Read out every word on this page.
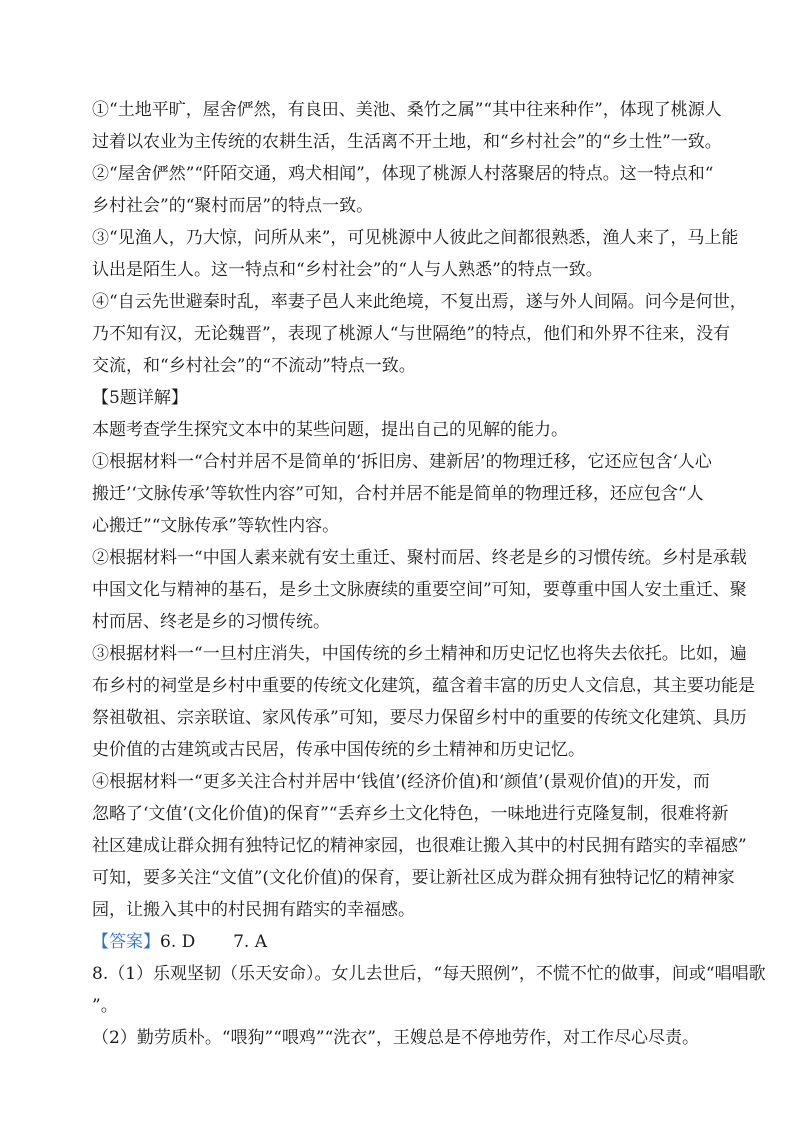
①“土地平旷，屋舍俨然，有良田、美池、桑竹之属”“其中往来种作”，体现了桃源人
过着以农业为主传统的农耕生活，生活离不开土地，和“乡村社会”的“乡土性”一致。
②“屋舍俨然”“阡陌交通，鸡犬相闻”，体现了桃源人村落聚居的特点。这一特点和“
乡村社会”的“聚村而居”的特点一致。
③“见渔人，乃大惊，问所从来”，可见桃源中人彼此之间都很熟悉，渔人来了，马上能
认出是陌生人。这一特点和“乡村社会”的“人与人熟悉”的特点一致。
④“自云先世避秦时乱，率妻子邑人来此绝境，不复出焉，遂与外人间隔。问今是何世，
乃不知有汉，无论魏晋”，表现了桃源人“与世隔绝”的特点，他们和外界不往来，没有
交流，和“乡村社会”的“不流动”特点一致。
【5题详解】
本题考查学生探究文本中的某些问题，提出自己的见解的能力。
①根据材料一“合村并居不是简单的‘拆旧房、建新居’的物理迁移，它还应包含‘人心
搬迁’‘文脉传承’等软性内容”可知，合村并居不能是简单的物理迁移，还应包含“人
心搬迁”“文脉传承”等软性内容。
②根据材料一“中国人素来就有安土重迁、聚村而居、终老是乡的习惯传统。乡村是承载
中国文化与精神的基石，是乡土文脉赓续的重要空间”可知，要尊重中国人安土重迁、聚
村而居、终老是乡的习惯传统。
③根据材料一“一旦村庄消失，中国传统的乡土精神和历史记忆也将失去依托。比如，遍
布乡村的祠堂是乡村中重要的传统文化建筑，蕴含着丰富的历史人文信息，其主要功能是
祭祖敬祖、宗亲联谊、家风传承”可知，要尽力保留乡村中的重要的传统文化建筑、具历
史价值的古建筑或古民居，传承中国传统的乡土精神和历史记忆。
④根据材料一“更多关注合村并居中‘钱值’(经济价值)和‘颜值’(景观价值)的开发，而
忽略了‘文值’(文化价值)的保育”“丢弃乡土文化特色，一味地进行克隆复制，很难将新
社区建成让群众拥有独特记忆的精神家园，也很难让搬入其中的村民拥有踏实的幸福感”
可知，要多关注“文值”(文化价值)的保育，要让新社区成为群众拥有独特记忆的精神家
园，让搬入其中的村民拥有踏实的幸福感。
【答案】6. D       7. A
8.（1）乐观坚韧（乐天安命）。女儿去世后，“每天照例”，不慌不忙的做事，间或“唱唱歌
”。
（2）勤劳质朴。“喂狗”“喂鸡”“洗衣”，王嫂总是不停地劳作，对工作尽心尽责。
